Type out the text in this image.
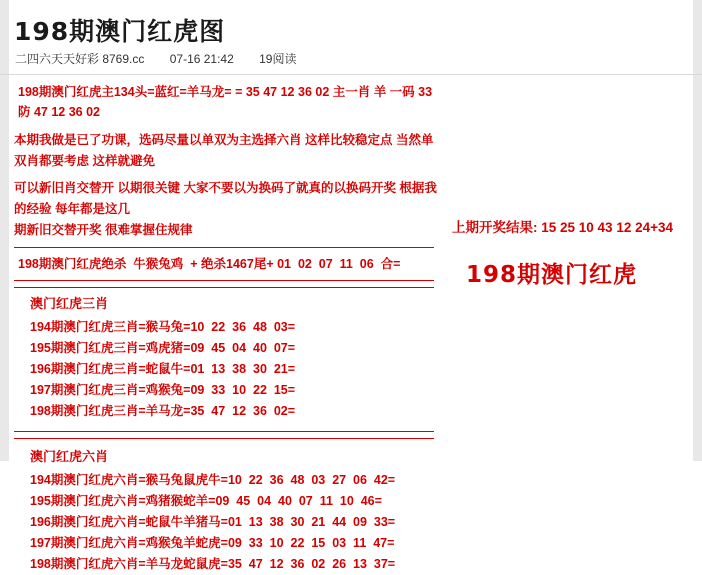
198期澳门红虎图
二四六天天好彩 8769.cc 07-16 21:42 19阅读
198期澳门红虎主134头=蓝红=羊马龙= = 35 47 12 36 02 主一肖 羊 一码 33 防 47 12 36 02
本期我做是已了功课，选码尽量以单双为主选择六肖 这样比较稳定点 当然单双肖都要考虑 这样就避免
可以新旧肖交替开 以期很关键 大家不要以为换码了就真的以换码开奖 根据我的经验 每年都是这几
期新旧交替开奖 很难掌握住规律
198期澳门红虎绝杀  牛猴兔鸡  + 绝杀1467尾+ 01  02  07  11  06  合=
澳门红虎三肖
194期澳门红虎三肖=猴马兔=10  22  36  48  03=
195期澳门红虎三肖=鸡虎猪=09  45  04  40  07=
196期澳门红虎三肖=蛇鼠牛=01  13  38  30  21=
197期澳门红虎三肖=鸡猴兔=09  33  10  22  15=
198期澳门红虎三肖=羊马龙=35  47  12  36  02=
澳门红虎六肖
194期澳门红虎六肖=猴马兔鼠虎牛=10  22  36  48  03  27  06  42=
195期澳门红虎六肖=鸡猪猴蛇羊=09  45  04  40  07  11  10  46=
196期澳门红虎六肖=蛇鼠牛羊猪马=01  13  38  30  21  44  09  33=
197期澳门红虎六肖=鸡猴兔羊蛇虎=09  33  10  22  15  03  11  47=
198期澳门红虎六肖=羊马龙蛇鼠虎=35  47  12  36  02  26  13  37=
上期开奖结果: 15 25 10 43 12 24+34
198期澳门红虎
